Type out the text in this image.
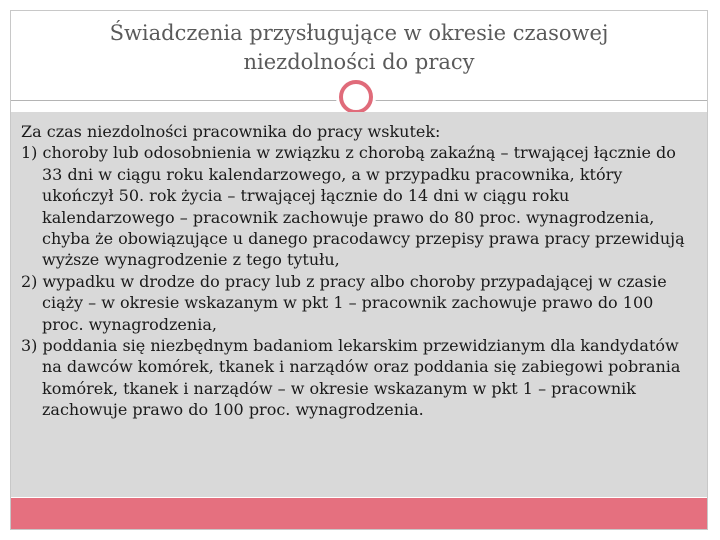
Świadczenia przysługujące w okresie czasowej niezdolności do pracy
Za czas niezdolności pracownika do pracy wskutek:
1) choroby lub odosobnienia w związku z chorobą zakaźną – trwającej łącznie do 33 dni w ciągu roku kalendarzowego, a w przypadku pracownika, który ukończył 50. rok życia – trwającej łącznie do 14 dni w ciągu roku kalendarzowego – pracownik zachowuje prawo do 80 proc. wynagrodzenia, chyba że obowiązujące u danego pracodawcy przepisy prawa pracy przewidują wyższe wynagrodzenie z tego tytułu,
2) wypadku w drodze do pracy lub z pracy albo choroby przypadającej w czasie ciąży – w okresie wskazanym w pkt 1 – pracownik zachowuje prawo do 100 proc. wynagrodzenia,
3) poddania się niezbędnym badaniom lekarskim przewidzianym dla kandydatów na dawców komórek, tkanek i narządów oraz poddania się zabiegowi pobrania komórek, tkanek i narządów – w okresie wskazanym w pkt 1 – pracownik zachowuje prawo do 100 proc. wynagrodzenia.
